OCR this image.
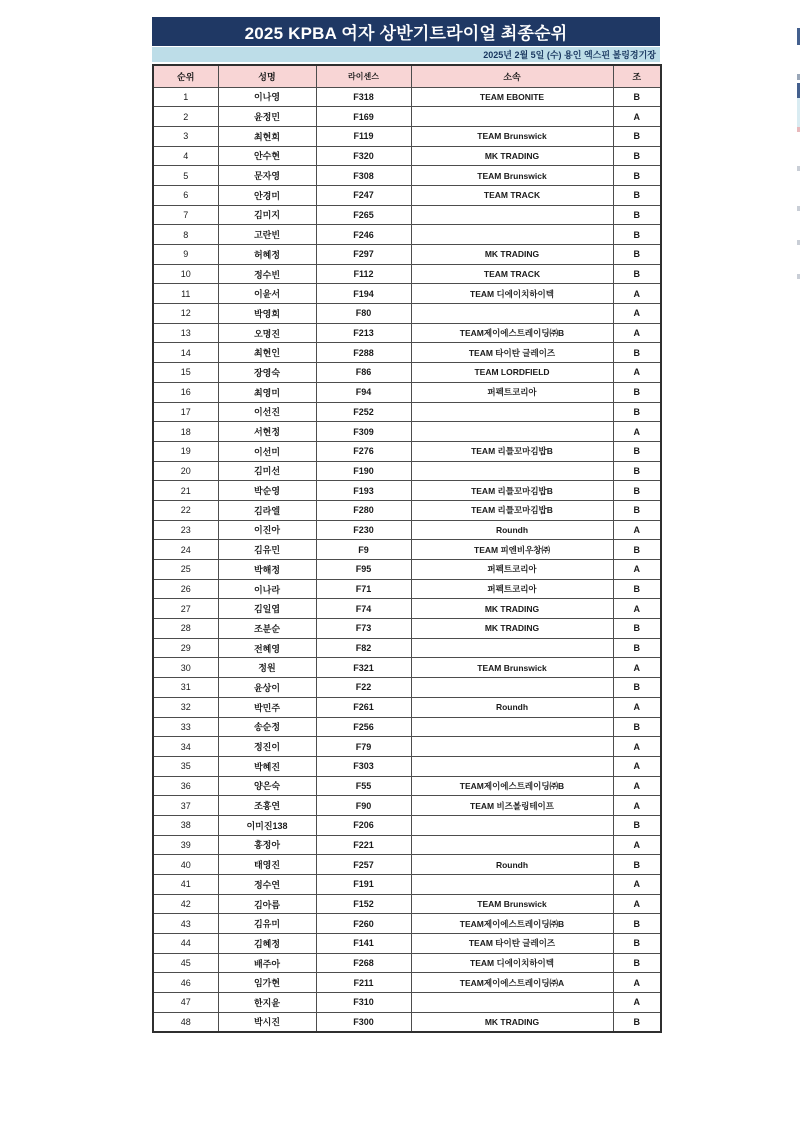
2025 KPBA 여자 상반기트라이얼 최종순위
2025년 2월 5일 (수) 용인 엑스핀 볼링경기장
순위	성명	라이센스	소속	조
1	이나영	F318	TEAM EBONITE	B
2	윤정민	F169		A
3	최현희	F119	TEAM Brunswick	B
4	안수현	F320	MK TRADING	B
5	문자영	F308	TEAM Brunswick	B
6	안경미	F247	TEAM TRACK	B
7	김미지	F265		B
8	고란빈	F246		B
9	허혜정	F297	MK TRADING	B
10	정수빈	F112	TEAM TRACK	B
11	이윤서	F194	TEAM 디에이치하이텍	A
12	박영희	F80		A
13	오명진	F213	TEAM제이에스트레이딩㈜B	A
14	최현인	F288	TEAM 타이탄 글레이즈	B
15	장영숙	F86	TEAM LORDFIELD	A
16	최영미	F94	퍼펙트코리아	B
17	이선진	F252		B
18	서현정	F309		A
19	이선미	F276	TEAM 리틀꼬마김밥B	B
20	김미선	F190		B
21	박순영	F193	TEAM 리틀꼬마김밥B	B
22	김라엘	F280	TEAM 리틀꼬마김밥B	B
23	이진아	F230	Roundh	A
24	김유민	F9	TEAM 피엔비우창㈜	B
25	박해정	F95	퍼펙트코리아	A
26	이나라	F71	퍼펙트코리아	B
27	김일엽	F74	MK TRADING	A
28	조분순	F73	MK TRADING	B
29	전혜영	F82		B
30	정원	F321	TEAM Brunswick	A
31	윤상이	F22		B
32	박민주	F261	Roundh	A
33	송순정	F256		B
34	정진이	F79		A
35	박혜진	F303		A
36	양은숙	F55	TEAM제이에스트레이딩㈜B	A
37	조홍연	F90	TEAM 비즈볼링테이프	A
38	이미진138	F206		B
39	홍정아	F221		A
40	태영진	F257	Roundh	B
41	정수연	F191		A
42	김아름	F152	TEAM Brunswick	A
43	김유미	F260	TEAM제이에스트레이딩㈜B	B
44	김혜정	F141	TEAM 타이탄 글레이즈	B
45	배주아	F268	TEAM 디에이치하이텍	B
46	임가현	F211	TEAM제이에스트레이딩㈜A	A
47	한지윤	F310		A
48	박시진	F300	MK TRADING	B
